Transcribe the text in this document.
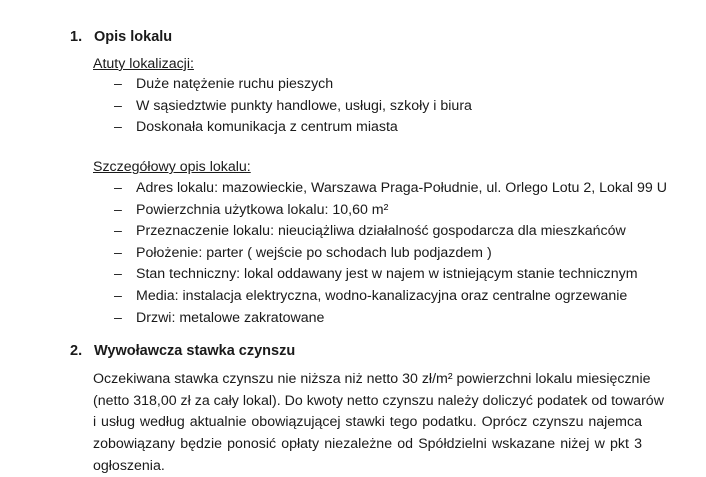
1. Opis lokalu
Atuty lokalizacji:
– Duże natężenie ruchu pieszych
– W sąsiedztwie punkty handlowe, usługi, szkoły i biura
– Doskonała komunikacja z centrum miasta
Szczegółowy opis lokalu:
– Adres lokalu: mazowieckie, Warszawa Praga-Południe, ul. Orlego Lotu 2, Lokal 99 U
– Powierzchnia użytkowa lokalu: 10,60 m²
– Przeznaczenie lokalu: nieuciążliwa działalność gospodarcza dla mieszkańców
– Położenie: parter ( wejście po schodach lub podjazdem )
– Stan techniczny: lokal oddawany jest w najem w istniejącym stanie technicznym
– Media: instalacja elektryczna, wodno-kanalizacyjna oraz centralne ogrzewanie
– Drzwi: metalowe zakratowane
2. Wywoławcza stawka czynszu
Oczekiwana stawka czynszu nie niższa niż netto 30 zł/m² powierzchni lokalu miesięcznie
(netto 318,00 zł za cały lokal). Do kwoty netto czynszu należy doliczyć podatek od towarów
i usług według aktualnie obowiązującej stawki tego podatku. Oprócz czynszu najemca
zobowiązany będzie ponosić opłaty niezależne od Spółdzielni wskazane niżej w pkt 3
ogłoszenia.
